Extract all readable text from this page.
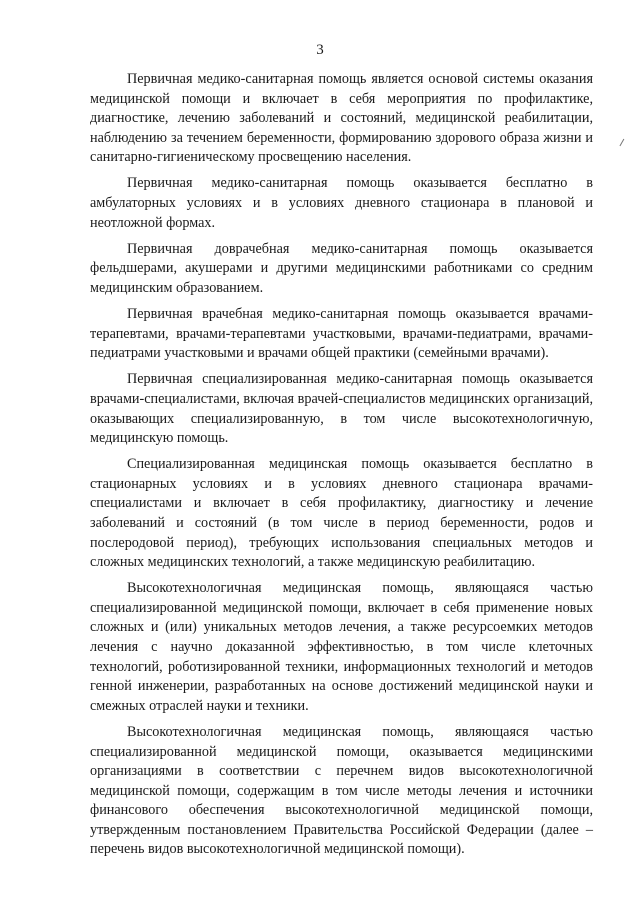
3

Первичная медико-санитарная помощь является основой системы оказания медицинской помощи и включает в себя мероприятия по профилактике, диагностике, лечению заболеваний и состояний, медицинской реабилитации, наблюдению за течением беременности, формированию здорового образа жизни и санитарно-гигиеническому просвещению населения.

Первичная медико-санитарная помощь оказывается бесплатно в амбулаторных условиях и в условиях дневного стационара в плановой и неотложной формах.

Первичная доврачебная медико-санитарная помощь оказывается фельдшерами, акушерами и другими медицинскими работниками со средним медицинским образованием.

Первичная врачебная медико-санитарная помощь оказывается врачами-терапевтами, врачами-терапевтами участковыми, врачами-педиатрами, врачами-педиатрами участковыми и врачами общей практики (семейными врачами).

Первичная специализированная медико-санитарная помощь оказывается врачами-специалистами, включая врачей-специалистов медицинских организаций, оказывающих специализированную, в том числе высокотехнологичную, медицинскую помощь.

Специализированная медицинская помощь оказывается бесплатно в стационарных условиях и в условиях дневного стационара врачами-специалистами и включает в себя профилактику, диагностику и лечение заболеваний и состояний (в том числе в период беременности, родов и послеродовой период), требующих использования специальных методов и сложных медицинских технологий, а также медицинскую реабилитацию.

Высокотехнологичная медицинская помощь, являющаяся частью специализированной медицинской помощи, включает в себя применение новых сложных и (или) уникальных методов лечения, а также ресурсоемких методов лечения с научно доказанной эффективностью, в том числе клеточных технологий, роботизированной техники, информационных технологий и методов генной инженерии, разработанных на основе достижений медицинской науки и смежных отраслей науки и техники.

Высокотехнологичная медицинская помощь, являющаяся частью специализированной медицинской помощи, оказывается медицинскими организациями в соответствии с перечнем видов высокотехнологичной медицинской помощи, содержащим в том числе методы лечения и источники финансового обеспечения высокотехнологичной медицинской помощи, утвержденным постановлением Правительства Российской Федерации (далее – перечень видов высокотехнологичной медицинской помощи).
